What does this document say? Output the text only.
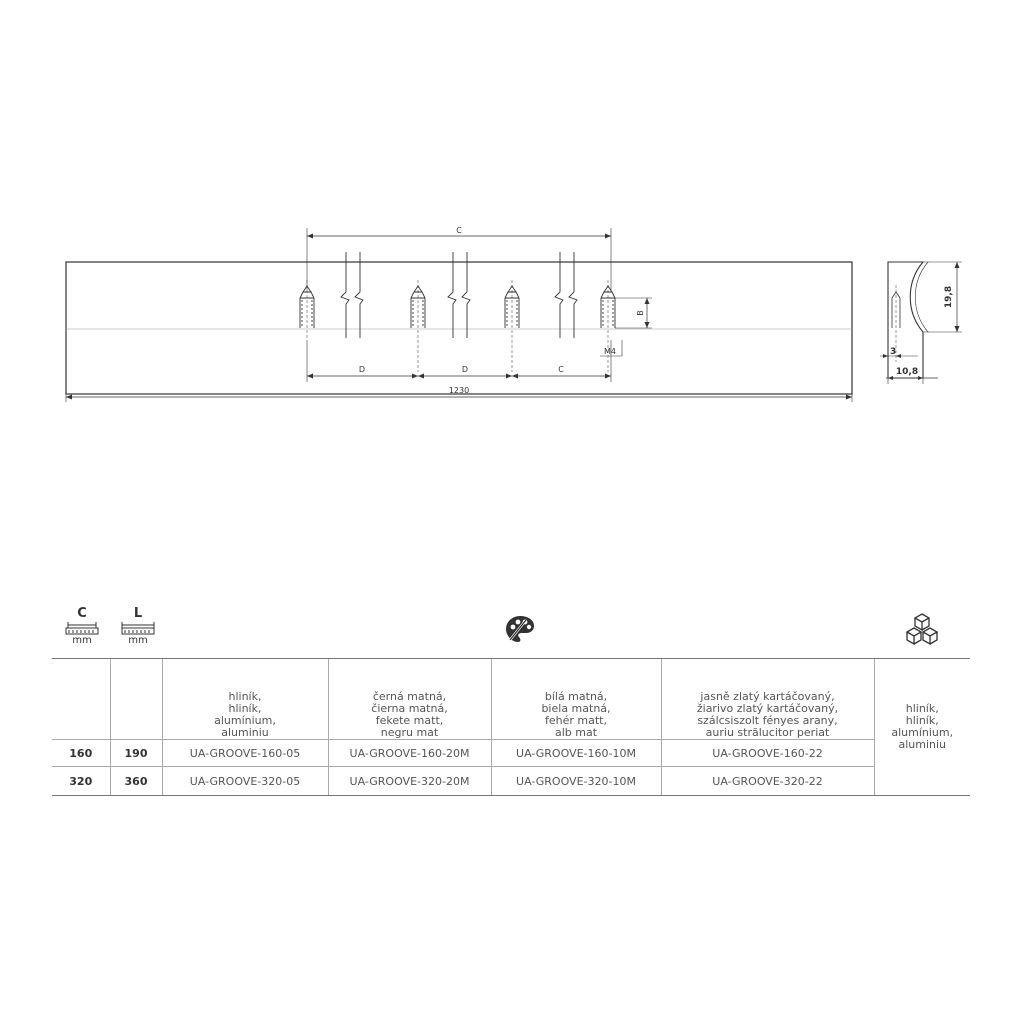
C
D	D	C
1230
B
M4
19,8
3
10,8
C
mm
L
mm

		hliník,
hliník,
alumínium,
aluminiu	černá matná,
čierna matná,
fekete matt,
negru mat	bílá matná,
biela matná,
fehér matt,
alb mat	jasně zlatý kartáčovaný,
žiarivo zlatý kartáčovaný,
szálcsiszolt fényes arany,
auriu strălucitor periat	hliník,
hliník,
alumínium,
aluminiu

160	190	UA-GROOVE-160-05	UA-GROOVE-160-20M	UA-GROOVE-160-10M	UA-GROOVE-160-22	
320	360	UA-GROOVE-320-05	UA-GROOVE-320-20M	UA-GROOVE-320-10M	UA-GROOVE-320-22	
